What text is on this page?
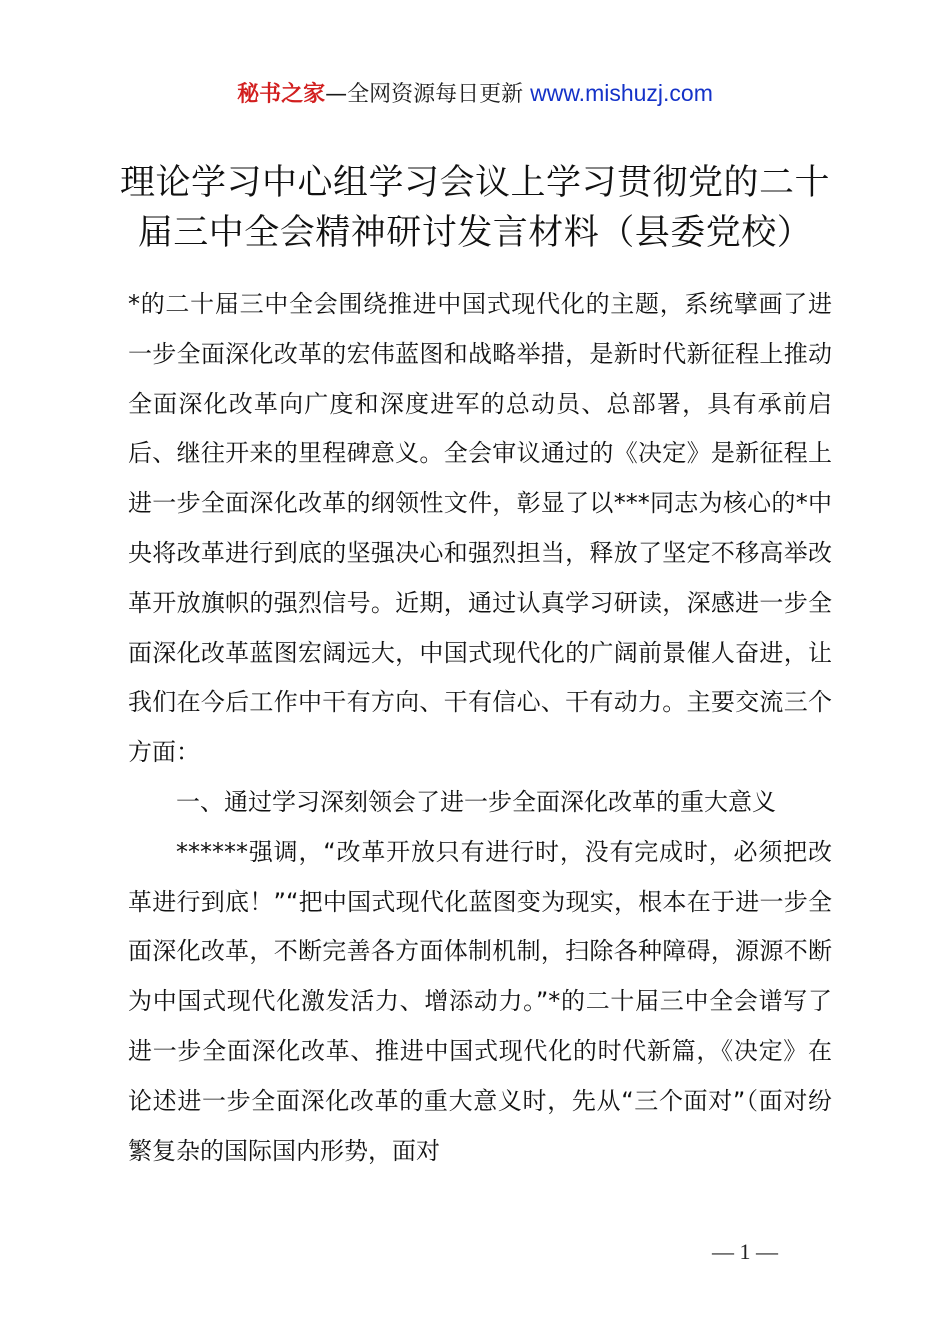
秘书之家—全网资源每日更新 www.mishuzj.com
理论学习中心组学习会议上学习贯彻党的二十
届三中全会精神研讨发言材料（县委党校）

*的二十届三中全会围绕推进中国式现代化的主题，系统擘画了进一步全面深化改革的宏伟蓝图和战略举措，是新时代新征程上推动全面深化改革向广度和深度进军的总动员、总部署，具有承前启后、继往开来的里程碑意义。全会审议通过的《决定》是新征程上进一步全面深化改革的纲领性文件，彰显了以***同志为核心的*中央将改革进行到底的坚强决心和强烈担当，释放了坚定不移高举改革开放旗帜的强烈信号。近期，通过认真学习研读，深感进一步全面深化改革蓝图宏阔远大，中国式现代化的广阔前景催人奋进，让我们在今后工作中干有方向、干有信心、干有动力。主要交流三个方面：

一、通过学习深刻领会了进一步全面深化改革的重大意义

******强调，“改革开放只有进行时，没有完成时，必须把改革进行到底！”“把中国式现代化蓝图变为现实，根本在于进一步全面深化改革，不断完善各方面体制机制，扫除各种障碍，源源不断为中国式现代化激发活力、增添动力。”*的二十届三中全会谱写了进一步全面深化改革、推进中国式现代化的时代新篇，《决定》在论述进一步全面深化改革的重大意义时，先从“三个面对”（面对纷繁复杂的国际国内形势，面对

— 1 —
